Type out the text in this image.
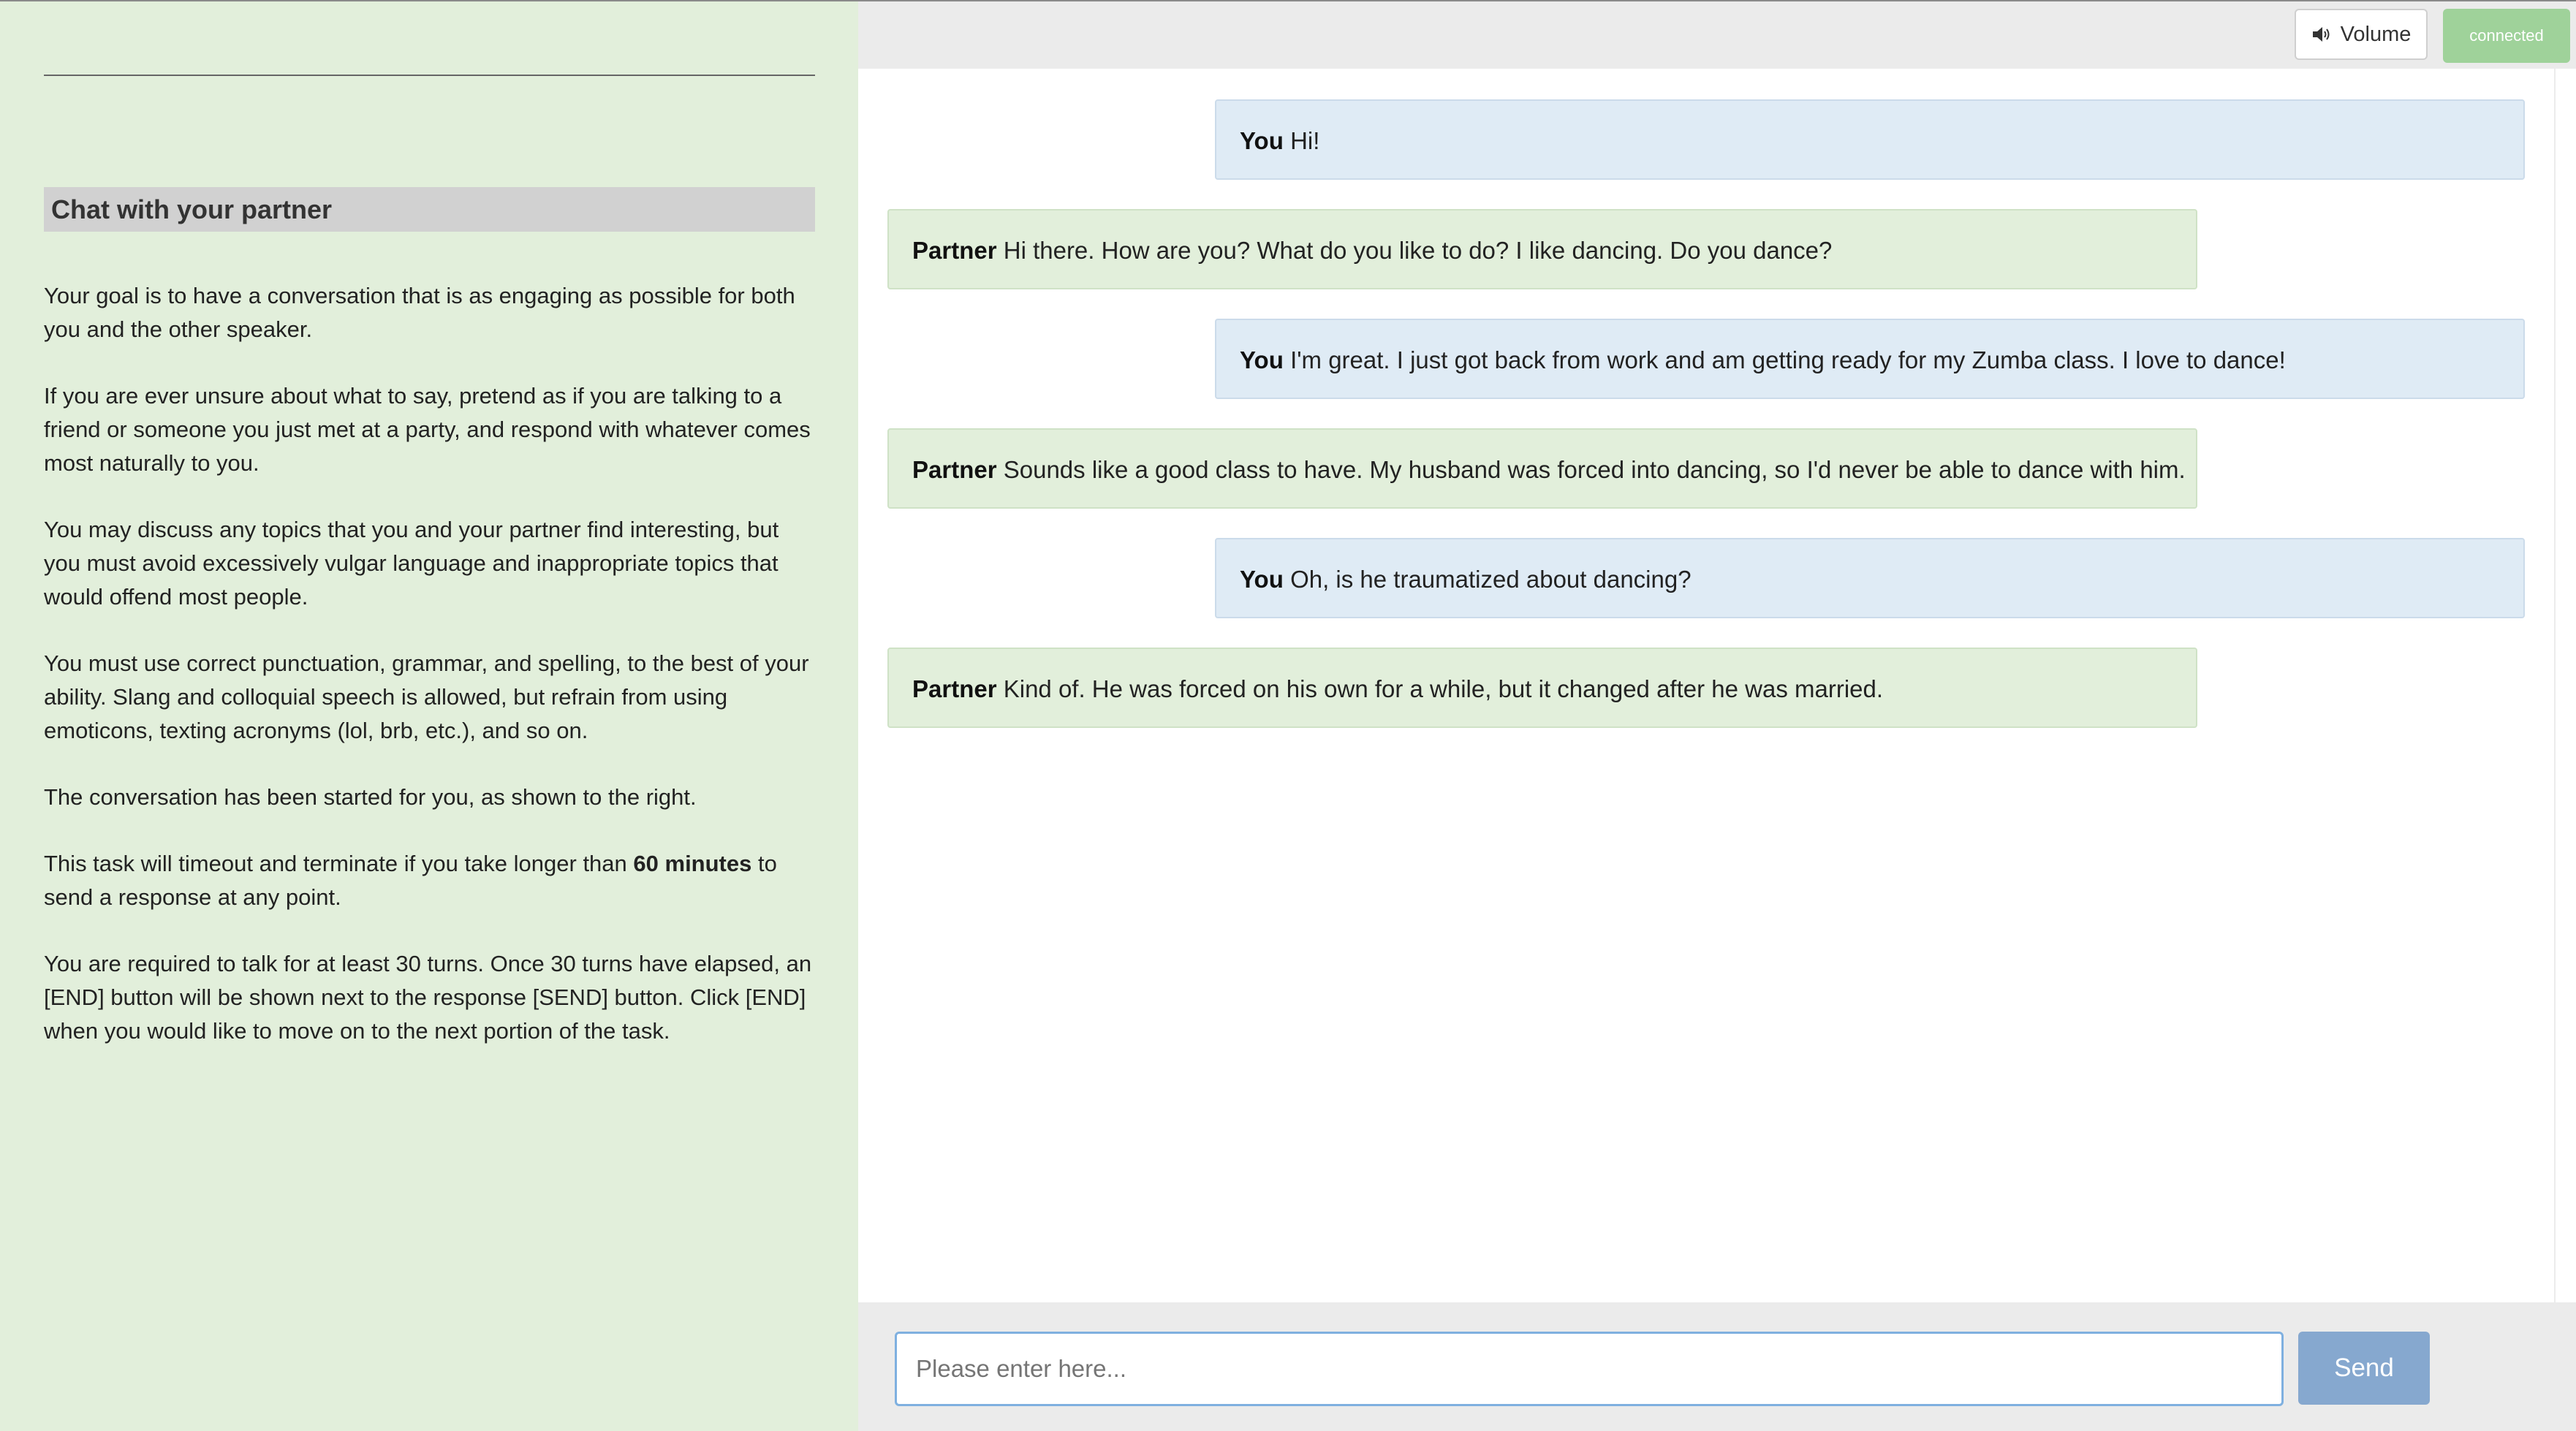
Chat with your partner

Your goal is to have a conversation that is as engaging as possible for both you and the other speaker.

If you are ever unsure about what to say, pretend as if you are talking to a friend or someone you just met at a party, and respond with whatever comes most naturally to you.

You may discuss any topics that you and your partner find interesting, but you must avoid excessively vulgar language and inappropriate topics that would offend most people.

You must use correct punctuation, grammar, and spelling, to the best of your ability. Slang and colloquial speech is allowed, but refrain from using emoticons, texting acronyms (lol, brb, etc.), and so on.

The conversation has been started for you, as shown to the right.

This task will timeout and terminate if you take longer than 60 minutes to send a response at any point.

You are required to talk for at least 30 turns. Once 30 turns have elapsed, an [END] button will be shown next to the response [SEND] button. Click [END] when you would like to move on to the next portion of the task.

Volume	connected
You Hi!
Partner Hi there. How are you? What do you like to do? I like dancing. Do you dance?
You I'm great. I just got back from work and am getting ready for my Zumba class. I love to dance!
Partner Sounds like a good class to have. My husband was forced into dancing, so I'd never be able to dance with him.
You Oh, is he traumatized about dancing?
Partner Kind of. He was forced on his own for a while, but it changed after he was married.
Please enter here...
Send
